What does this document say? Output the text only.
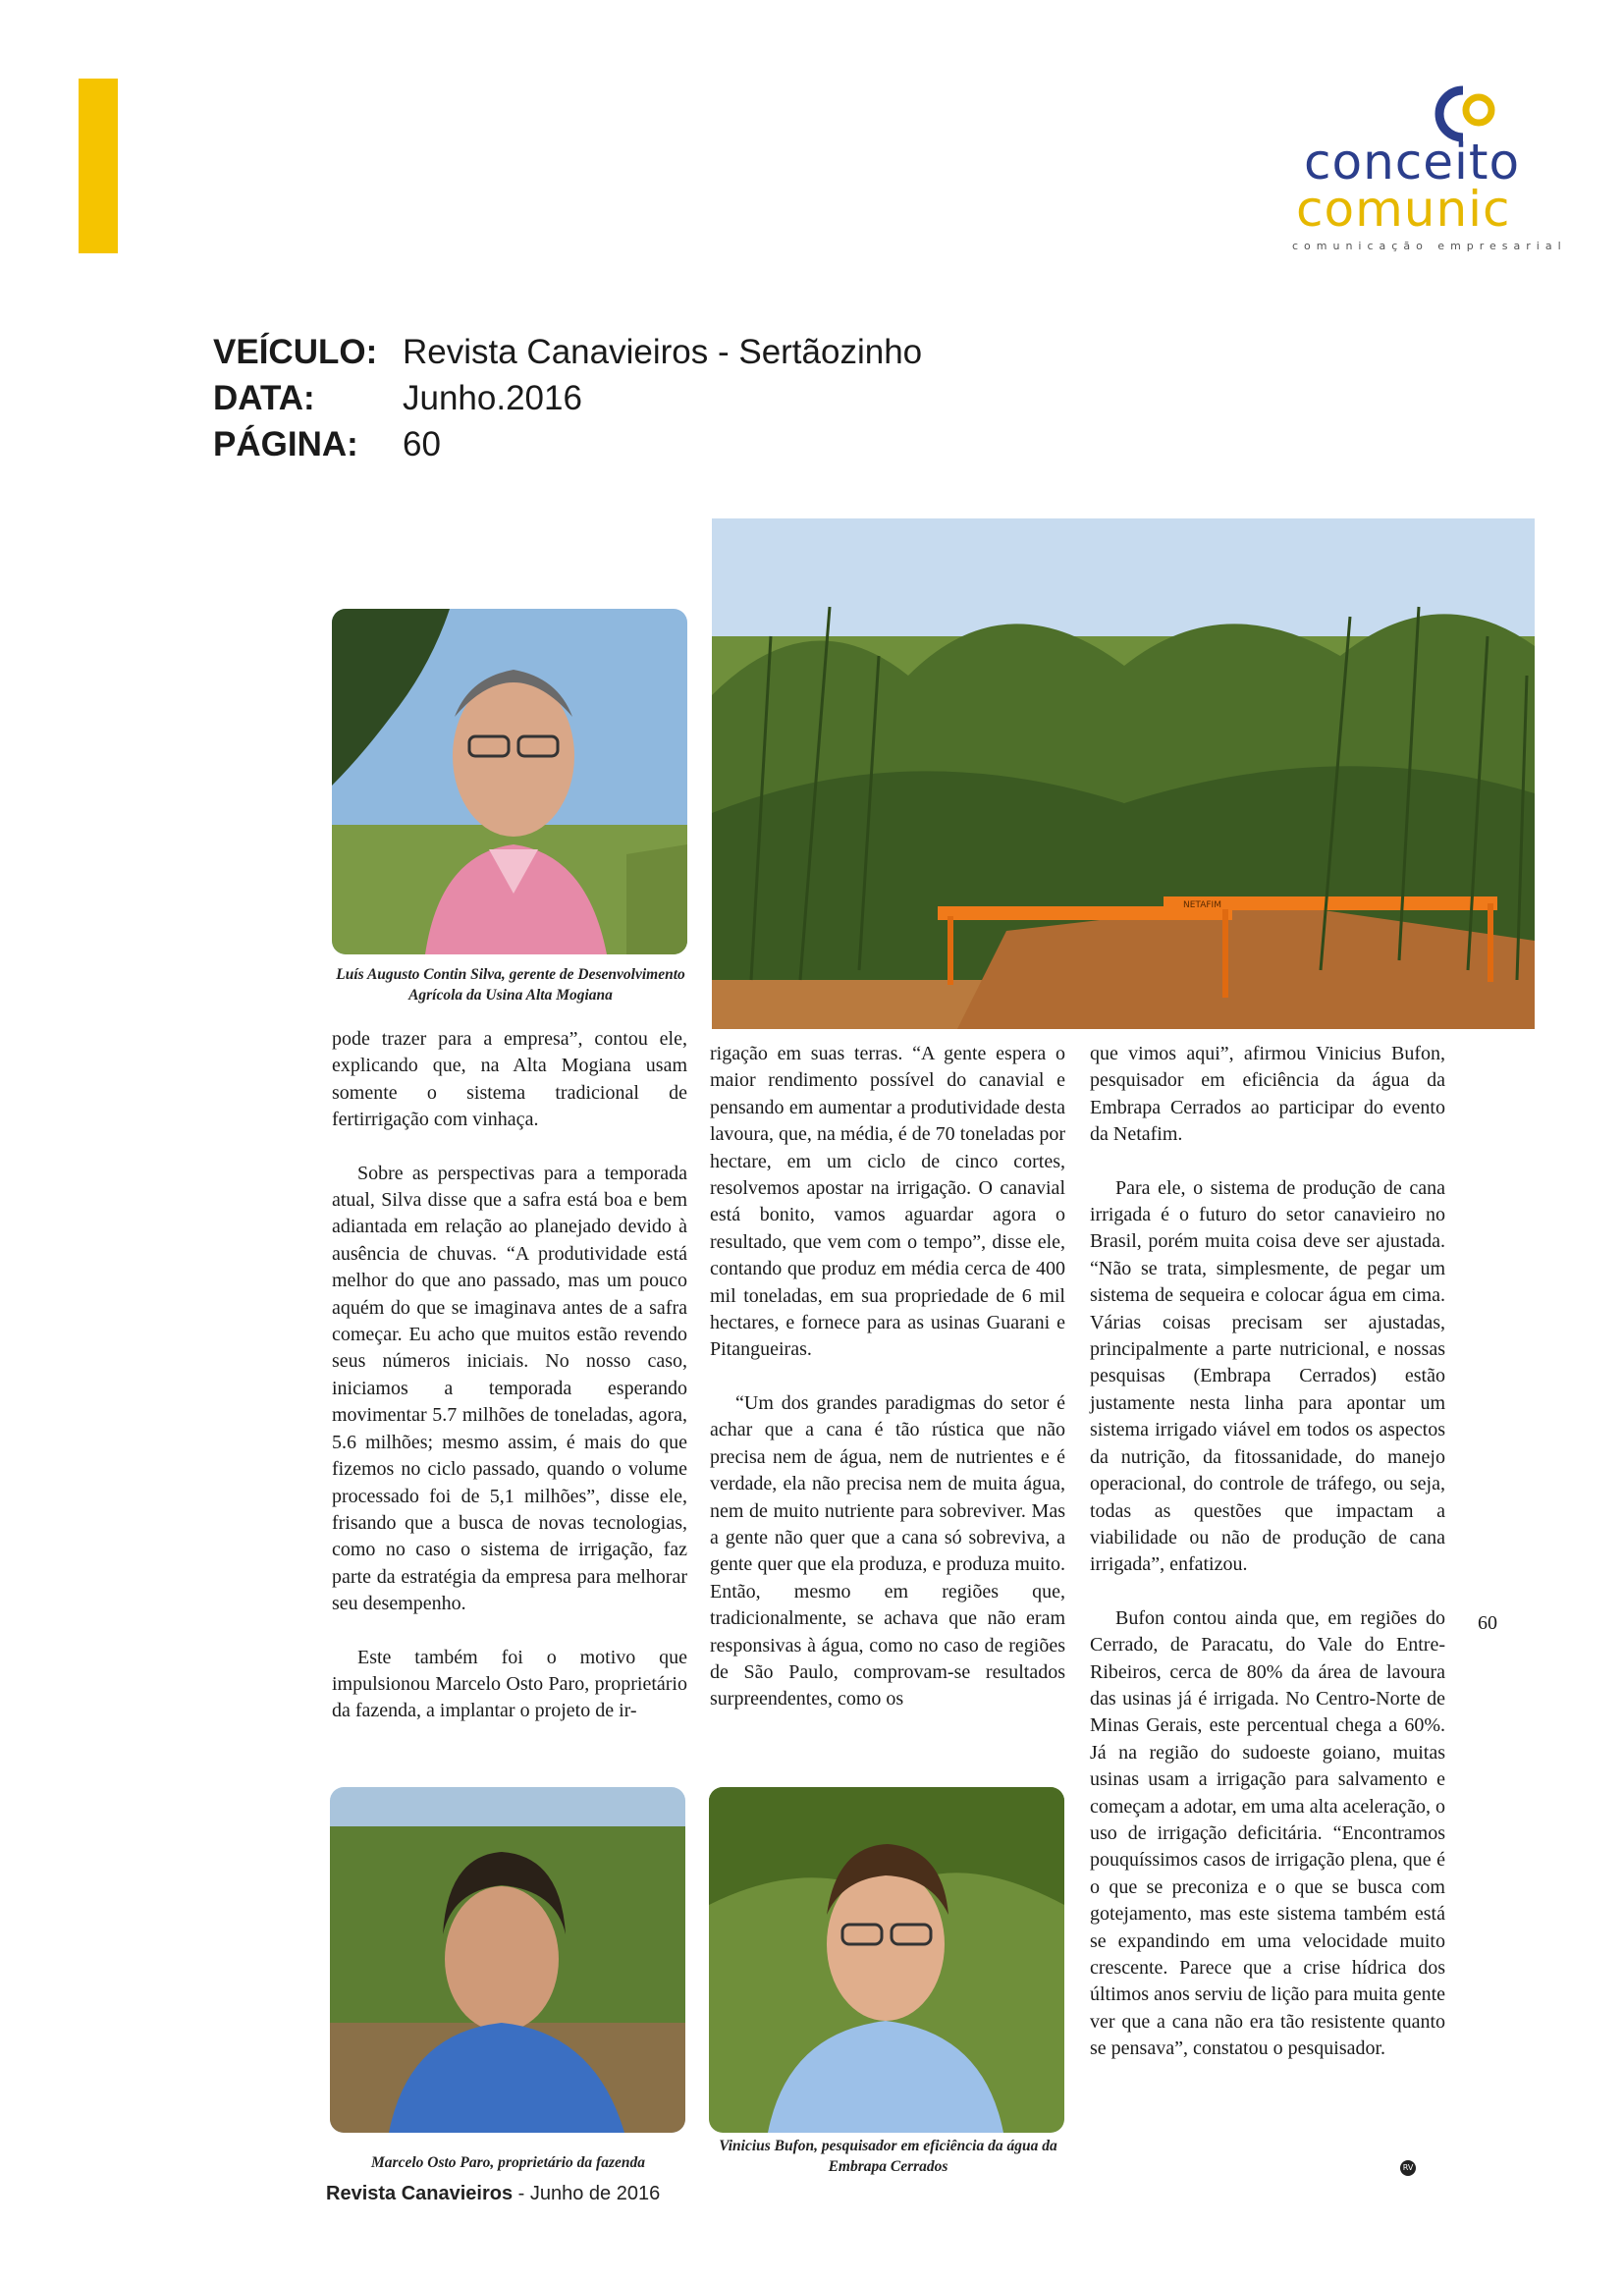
conceito
comunic
comunicação empresarial
VEÍCULO: Revista Canavieiros - Sertãozinho
DATA:	Junho.2016
PÁGINA: 60
Luís Augusto Contin Silva, gerente de Desenvolvimento Agrícola da Usina Alta Mogiana
NETAFIM

pode trazer para a empresa”, contou ele, explicando que, na Alta Mogiana usam somente o sistema tradicional de fertirrigação com vinhaça.

Sobre as perspectivas para a temporada atual, Silva disse que a safra está boa e bem adiantada em relação ao planejado devido à ausência de chuvas. “A produtividade está melhor do que ano passado, mas um pouco aquém do que se imaginava antes de a safra começar. Eu acho que muitos estão revendo seus números iniciais. No nosso caso, iniciamos a temporada esperando movimentar 5.7 milhões de toneladas, agora, 5.6 milhões; mesmo assim, é mais do que fizemos no ciclo passado, quando o volume processado foi de 5,1 milhões”, disse ele, frisando que a busca de novas tecnologias, como no caso o sistema de irrigação, faz parte da estratégia da empresa para melhorar seu desempenho.

Este também foi o motivo que impulsionou Marcelo Osto Paro, proprietário da fazenda, a implantar o projeto de ir-

rigação em suas terras. “A gente espera o maior rendimento possível do canavial e pensando em aumentar a produtividade desta lavoura, que, na média, é de 70 toneladas por hectare, em um ciclo de cinco cortes, resolvemos apostar na irrigação. O canavial está bonito, vamos aguardar agora o resultado, que vem com o tempo”, disse ele, contando que produz em média cerca de 400 mil toneladas, em sua propriedade de 6 mil hectares, e fornece para as usinas Guarani e Pitangueiras.

“Um dos grandes paradigmas do setor é achar que a cana é tão rústica que não precisa nem de água, nem de nutrientes e é verdade, ela não precisa nem de muita água, nem de muito nutriente para sobreviver. Mas a gente não quer que a cana só sobreviva, a gente quer que ela produza, e produza muito. Então, mesmo em regiões que, tradicionalmente, se achava que não eram responsivas à água, como no caso de regiões de São Paulo, comprovam-se resultados surpreendentes, como os

que vimos aqui”, afirmou Vinicius Bufon, pesquisador em eficiência da água da Embrapa Cerrados ao participar do evento da Netafim.

Para ele, o sistema de produção de cana irrigada é o futuro do setor canavieiro no Brasil, porém muita coisa deve ser ajustada. “Não se trata, simplesmente, de pegar um sistema de sequeira e colocar água em cima. Várias coisas precisam ser ajustadas, principalmente a parte nutricional, e nossas pesquisas (Embrapa Cerrados) estão justamente nesta linha para apontar um sistema irrigado viável em todos os aspectos da nutrição, da fitossanidade, do manejo operacional, do controle de tráfego, ou seja, todas as questões que impactam a viabilidade ou não de produção de cana irrigada”, enfatizou.

Bufon contou ainda que, em regiões do Cerrado, de Paracatu, do Vale do Entre-Ribeiros, cerca de 80% da área de lavoura das usinas já é irrigada. No Centro-Norte de Minas Gerais, este percentual chega a 60%. Já na região do sudoeste goiano, muitas usinas usam a irrigação para salvamento e começam a adotar, em uma alta aceleração, o uso de irrigação deficitária. “Encontramos pouquíssimos casos de irrigação plena, que é o que se preconiza e o que se busca com gotejamento, mas este sistema também está se expandindo em uma velocidade muito crescente. Parece que a crise hídrica dos últimos anos serviu de lição para muita gente ver que a cana não era tão resistente quanto se pensava”, constatou o pesquisador.

RV
60
Marcelo Osto Paro, proprietário da fazenda
Vinicius Bufon, pesquisador em eficiência da água da Embrapa Cerrados
Revista Canavieiros - Junho de 2016
